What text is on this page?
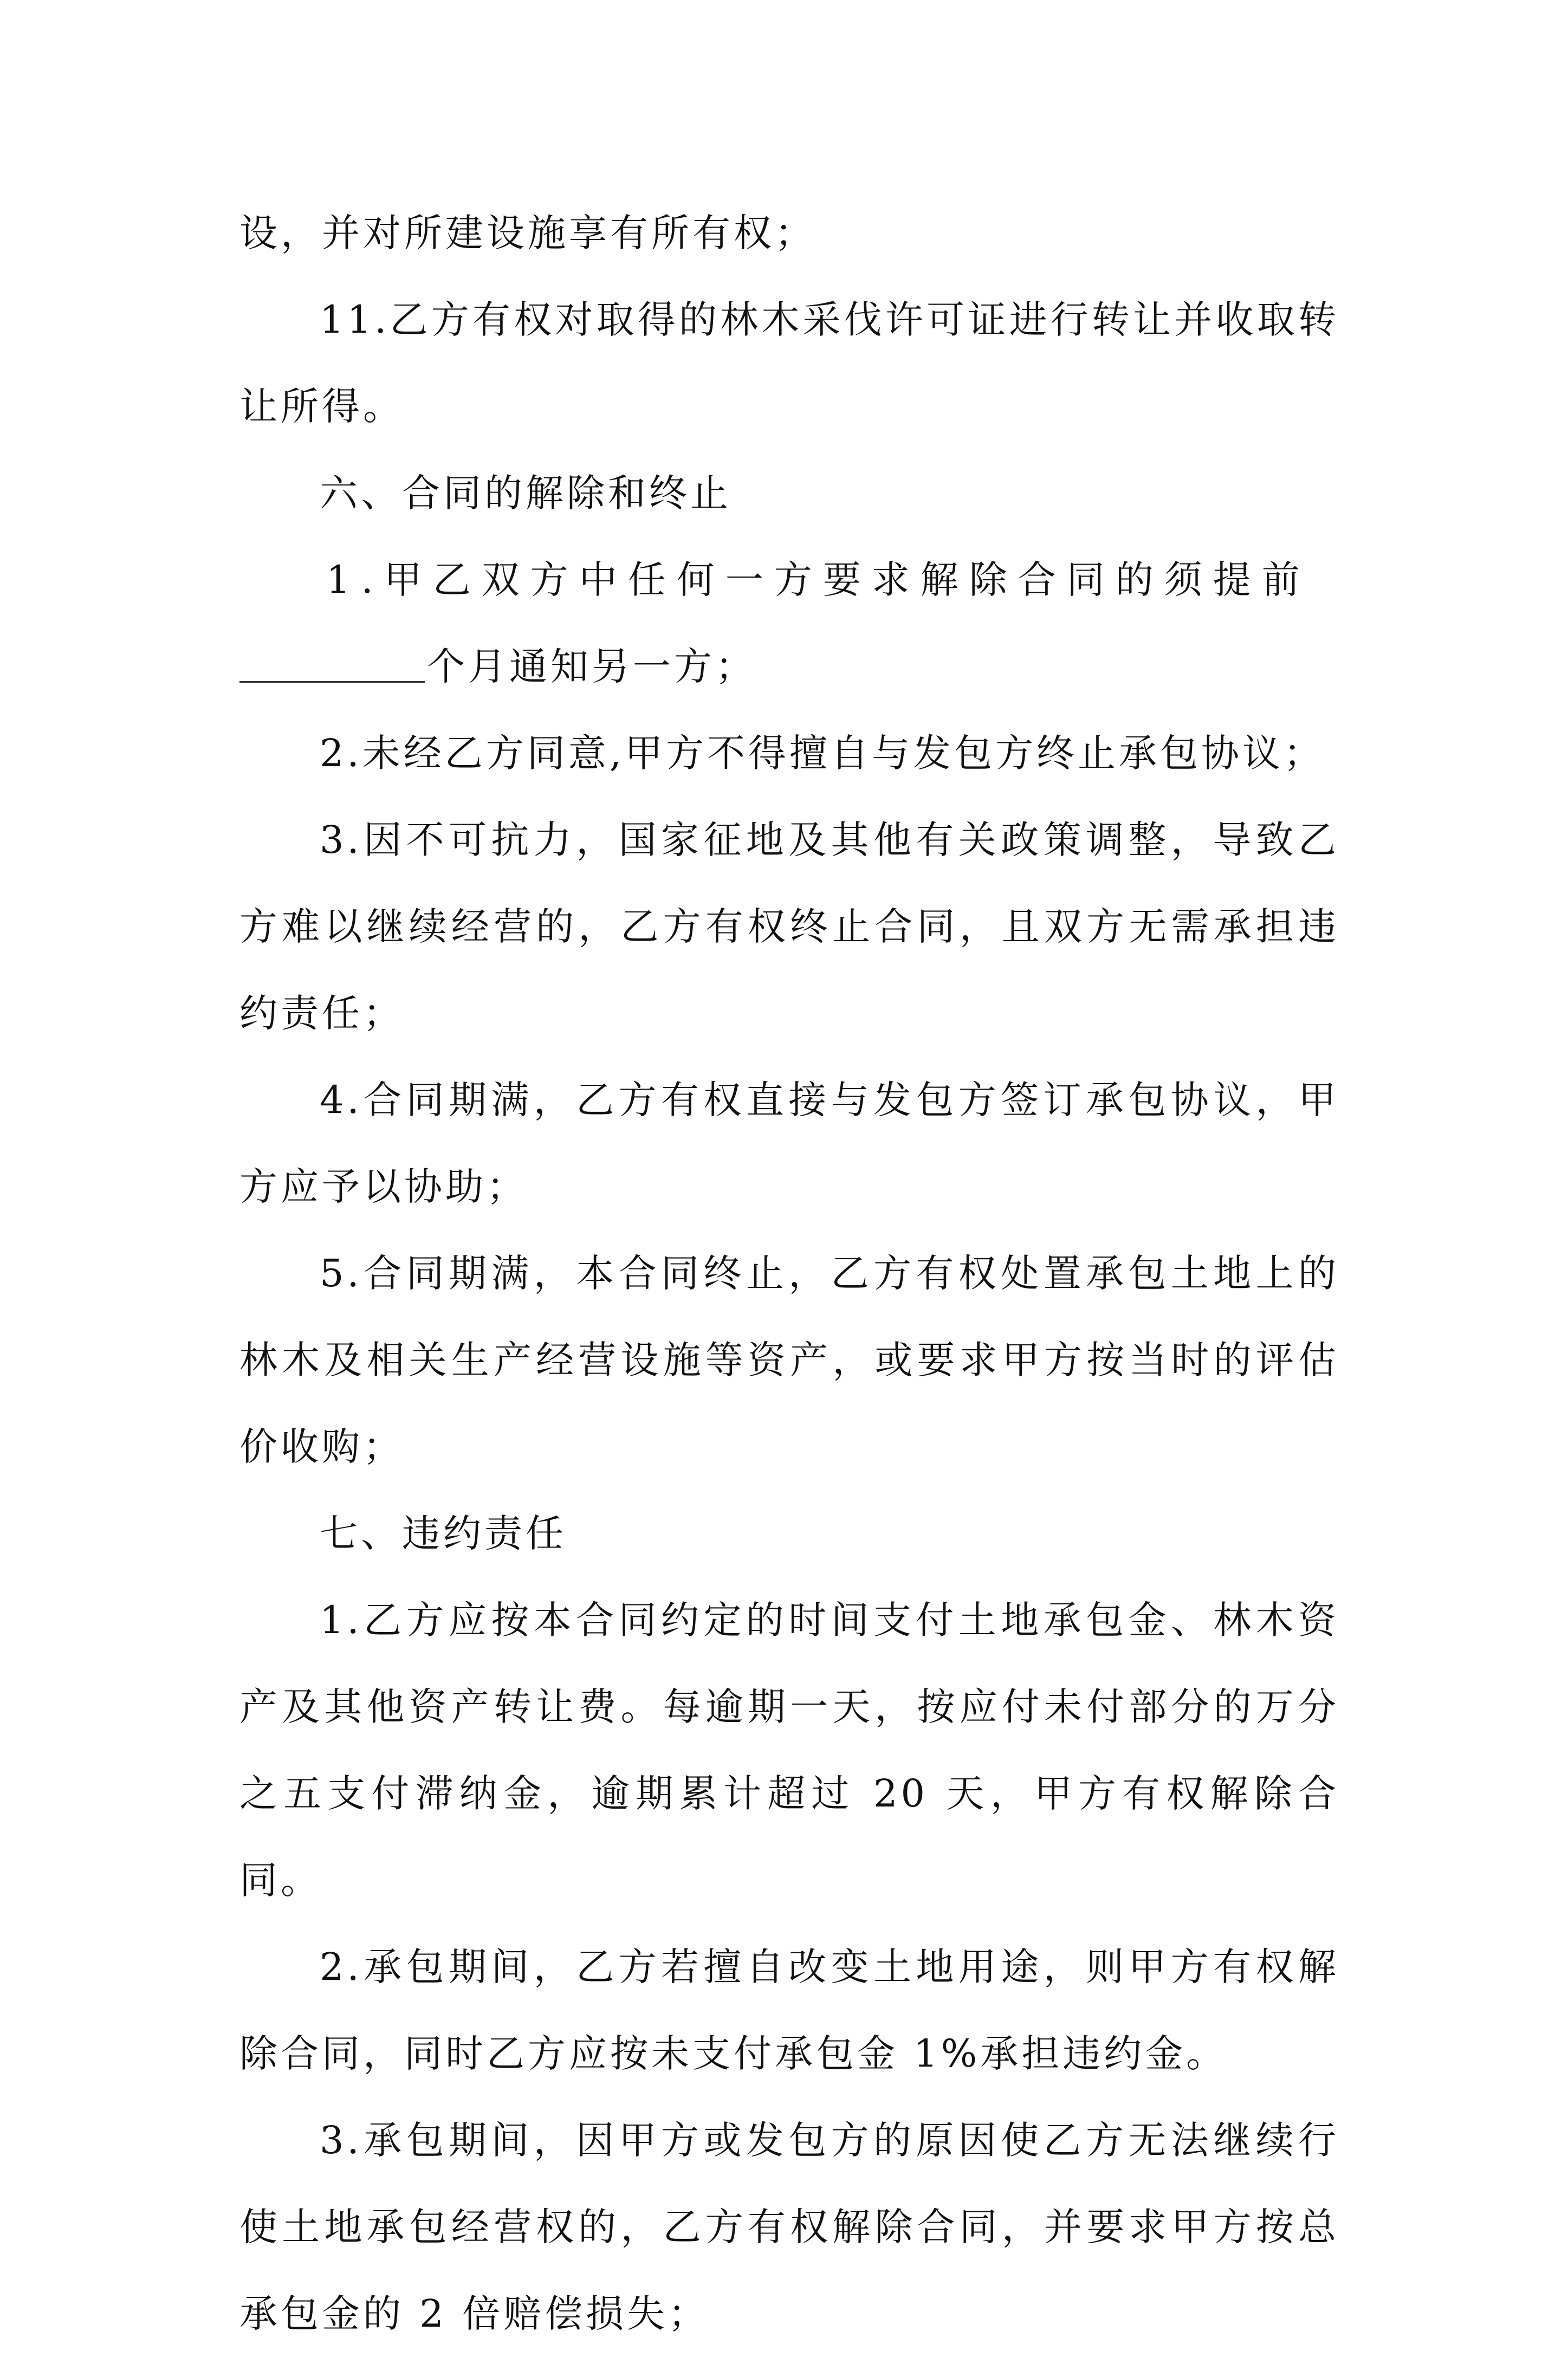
设，并对所建设施享有所有权；

11.乙方有权对取得的林木采伐许可证进行转让并收取转让所得。

六、合同的解除和终止

1.甲乙双方中任何一方要求解除合同的须提前

个月通知另一方；

2.未经乙方同意,甲方不得擅自与发包方终止承包协议；

3.因不可抗力，国家征地及其他有关政策调整，导致乙方难以继续经营的，乙方有权终止合同，且双方无需承担违约责任；

4.合同期满，乙方有权直接与发包方签订承包协议，甲方应予以协助；

5.合同期满，本合同终止，乙方有权处置承包土地上的林木及相关生产经营设施等资产，或要求甲方按当时的评估价收购；

七、违约责任

1.乙方应按本合同约定的时间支付土地承包金、林木资产及其他资产转让费。每逾期一天，按应付未付部分的万分之五支付滞纳金，逾期累计超过 20 天，甲方有权解除合同。

2.承包期间，乙方若擅自改变土地用途，则甲方有权解除合同，同时乙方应按未支付承包金 1%承担违约金。

3.承包期间，因甲方或发包方的原因使乙方无法继续行使土地承包经营权的，乙方有权解除合同，并要求甲方按总承包金的 2 倍赔偿损失；
